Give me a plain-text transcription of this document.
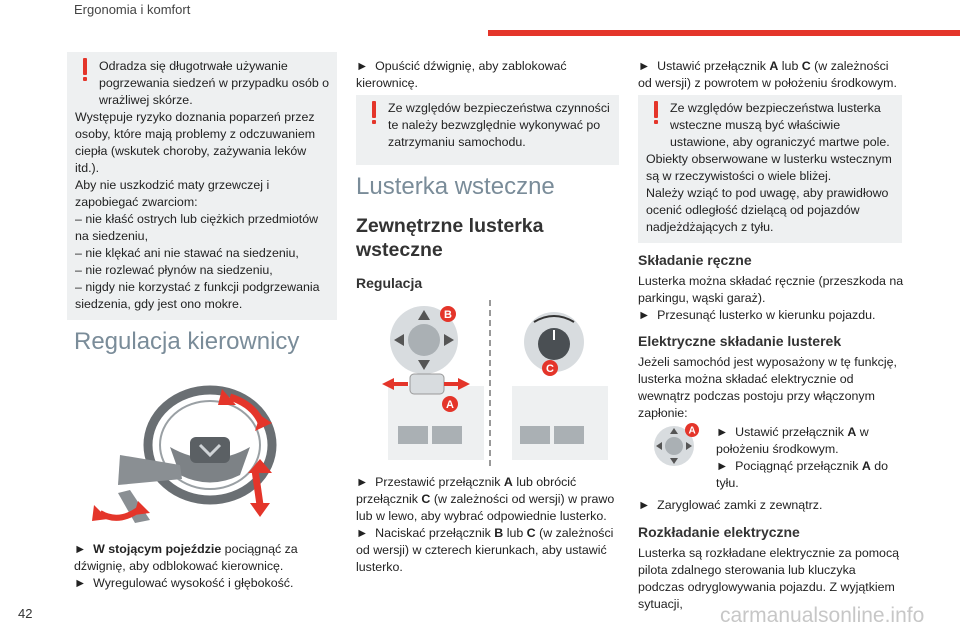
Ergonomia i komfort

Odradza się długotrwałe używanie pogrzewania siedzeń w przypadku osób o wrażliwej skórze.

Występuje ryzyko doznania poparzeń przez osoby, które mają problemy z odczuwaniem ciepła (wskutek choroby, zażywania leków itd.).

Aby nie uszkodzić maty grzewczej i zapobiegać zwarciom:

– nie kłaść ostrych lub ciężkich przedmiotów na siedzeniu,

– nie klękać ani nie stawać na siedzeniu,

– nie rozlewać płynów na siedzeniu,

– nigdy nie korzystać z funkcji podgrzewania siedzenia, gdy jest ono mokre.

Regulacja kierownicy

► W stojącym pojeździe pociągnąć za dźwignię, aby odblokować kierownicę.

► Wyregulować wysokość i głębokość.

► Opuścić dźwignię, aby zablokować kierownicę.

Ze względów bezpieczeństwa czynności te należy bezwzględnie wykonywać po zatrzymaniu samochodu.

Lusterka wsteczne
Zewnętrzne lusterka wsteczne
Regulacja
B
C
A

► Przestawić przełącznik A lub obrócić przełącznik C (w zależności od wersji) w prawo lub w lewo, aby wybrać odpowiednie lusterko.

► Naciskać przełącznik B lub C (w zależności od wersji) w czterech kierunkach, aby ustawić lusterko.

► Ustawić przełącznik A lub C (w zależności od wersji) z powrotem w położeniu środkowym.

Ze względów bezpieczeństwa lusterka wsteczne muszą być właściwie ustawione, aby ograniczyć martwe pole.

Obiekty obserwowane w lusterku wstecznym są w rzeczywistości o wiele bliżej.

Należy wziąć to pod uwagę, aby prawidłowo ocenić odległość dzielącą od pojazdów nadjeżdżających z tyłu.

Składanie ręczne

Lusterka można składać ręcznie (przeszkoda na parkingu, wąski garaż).

► Przesunąć lusterko w kierunku pojazdu.

Elektryczne składanie lusterek

Jeżeli samochód jest wyposażony w tę funkcję, lusterka można składać elektrycznie od wewnątrz podczas postoju przy włączonym zapłonie:

A ► Ustawić przełącznik A w położeniu środkowym.

► Pociągnąć przełącznik A do tyłu.

► Zaryglować zamki z zewnątrz.

Rozkładanie elektryczne

Lusterka są rozkładane elektrycznie za pomocą pilota zdalnego sterowania lub kluczyka podczas odryglowywania pojazdu. Z wyjątkiem sytuacji,

42	carmanualsonline.info
